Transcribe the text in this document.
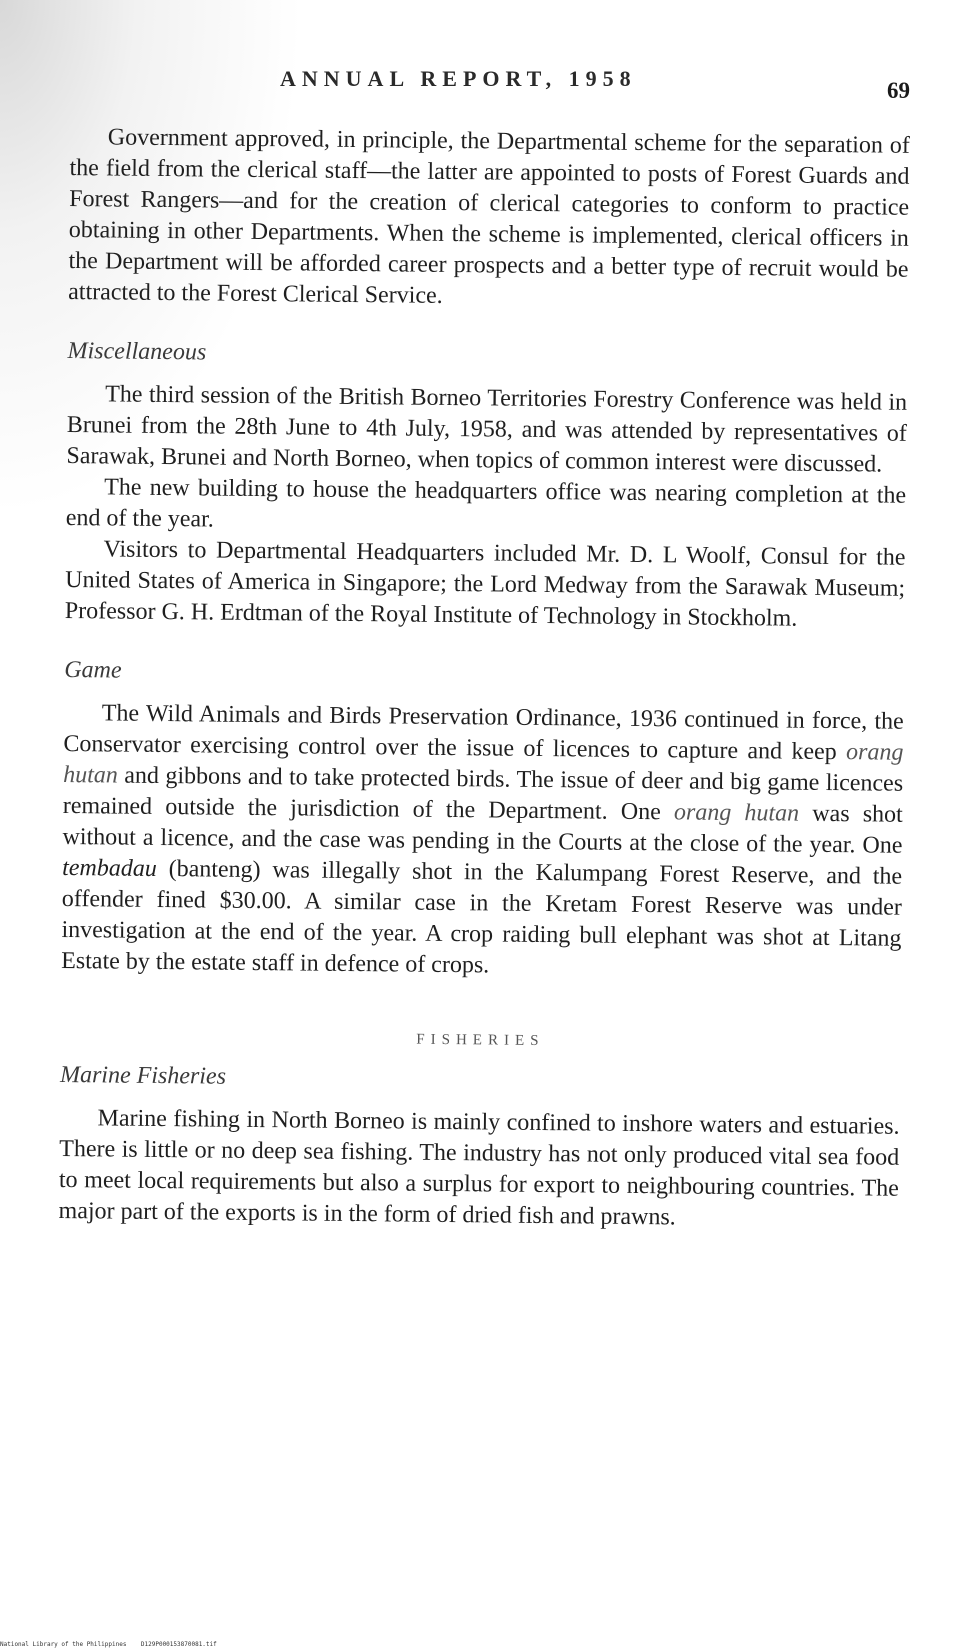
ANNUAL REPORT, 1958	69

Government approved, in principle, the Departmental scheme for the separation of the field from the clerical staff—the latter are appointed to posts of Forest Guards and Forest Rangers—and for the creation of clerical categories to conform to practice obtaining in other Departments. When the scheme is implemented, clerical officers in the Department will be afforded career prospects and a better type of recruit would be attracted to the Forest Clerical Service.

Miscellaneous

The third session of the British Borneo Territories Forestry Conference was held in Brunei from the 28th June to 4th July, 1958, and was attended by representatives of Sarawak, Brunei and North Borneo, when topics of common interest were discussed.

The new building to house the headquarters office was nearing completion at the end of the year.

Visitors to Departmental Headquarters included Mr. D. L Woolf, Consul for the United States of America in Singapore; the Lord Medway from the Sarawak Museum; Professor G. H. Erdtman of the Royal Institute of Technology in Stockholm.

Game

The Wild Animals and Birds Preservation Ordinance, 1936 continued in force, the Conservator exercising control over the issue of licences to capture and keep orang hutan and gibbons and to take protected birds. The issue of deer and big game licences remained outside the jurisdiction of the Department. One orang hutan was shot without a licence, and the case was pending in the Courts at the close of the year. One tembadau (banteng) was illegally shot in the Kalumpang Forest Reserve, and the offender fined $30.00. A similar case in the Kretam Forest Reserve was under investigation at the end of the year. A crop raiding bull elephant was shot at Litang Estate by the estate staff in defence of crops.

FISHERIES
Marine Fisheries

Marine fishing in North Borneo is mainly confined to inshore waters and estuaries. There is little or no deep sea fishing. The industry has not only produced vital sea food to meet local requirements but also a surplus for export to neighbouring countries. The major part of the exports is in the form of dried fish and prawns.

National Library of the Philippines D129P000153870081.tif
